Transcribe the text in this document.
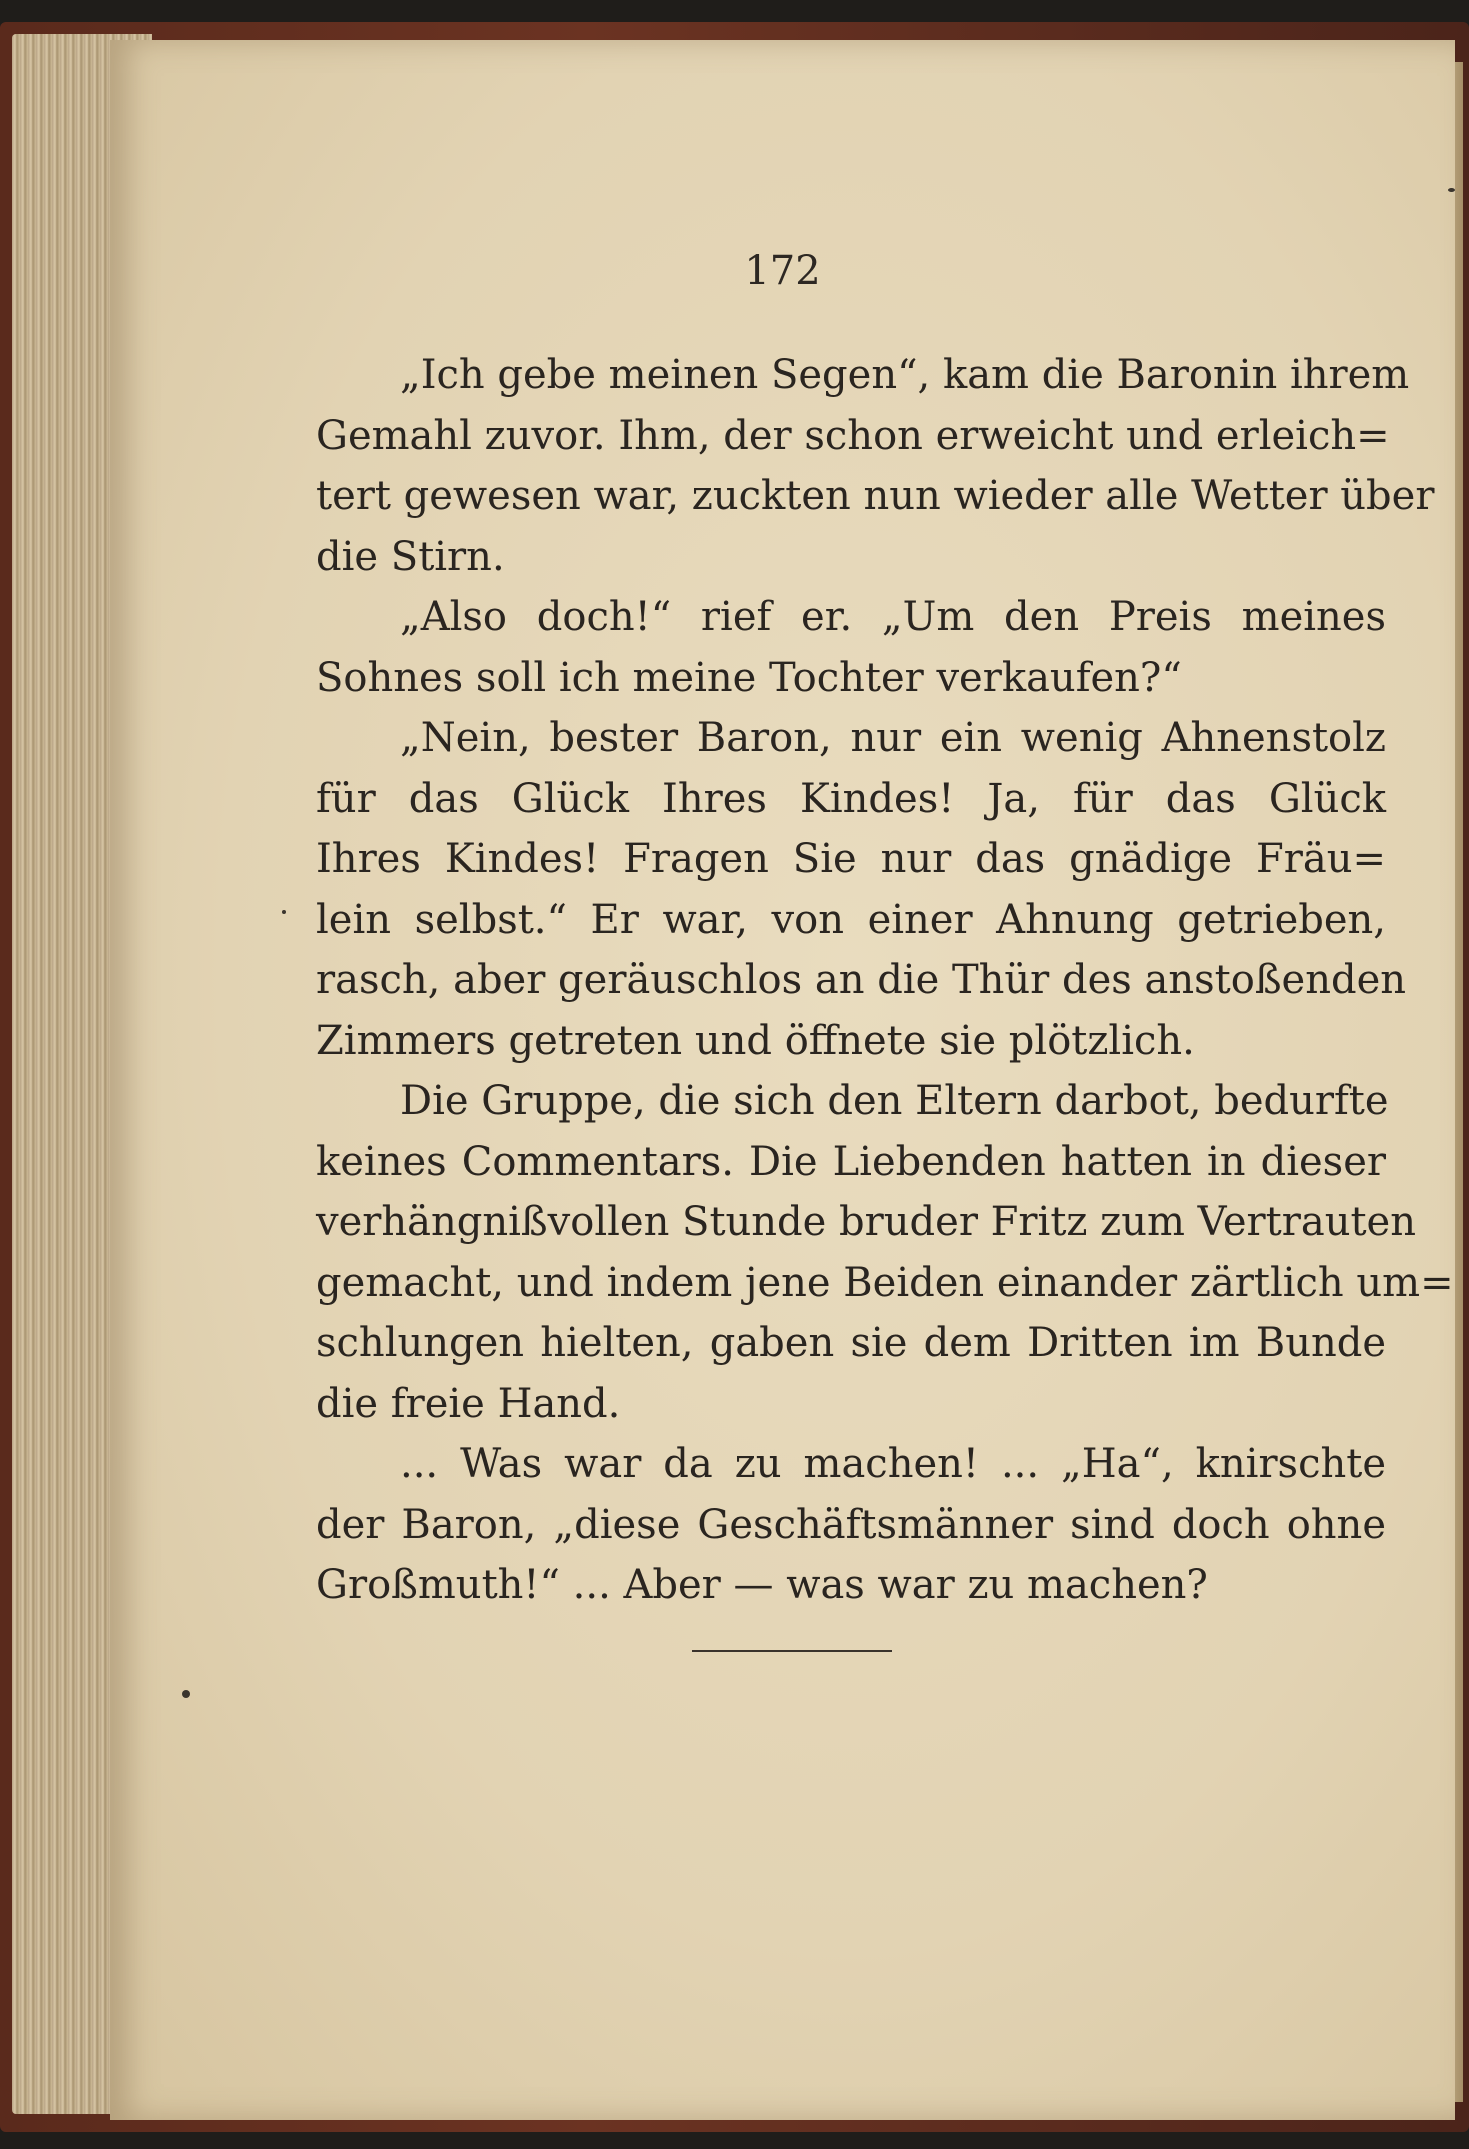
172
„Ich gebe meinen Segen“, kam die Baronin ihrem
Gemahl zuvor. Ihm, der schon erweicht und erleich=
tert gewesen war, zuckten nun wieder alle Wetter über
die Stirn.
„Also doch!“ rief er. „Um den Preis meines
Sohnes soll ich meine Tochter verkaufen?“
„Nein, bester Baron, nur ein wenig Ahnenstolz
für das Glück Ihres Kindes! Ja, für das Glück
Ihres Kindes! Fragen Sie nur das gnädige Fräu=
lein selbst.“ Er war, von einer Ahnung getrieben,
rasch, aber geräuschlos an die Thür des anstoßenden
Zimmers getreten und öffnete sie plötzlich.
Die Gruppe, die sich den Eltern darbot, bedurfte
keines Commentars. Die Liebenden hatten in dieser
verhängnißvollen Stunde bruder Fritz zum Vertrauten
gemacht, und indem jene Beiden einander zärtlich um=
schlungen hielten, gaben sie dem Dritten im Bunde
die freie Hand.
... Was war da zu machen! ... „Ha“, knirschte
der Baron, „diese Geschäftsmänner sind doch ohne
Großmuth!“ ... Aber — was war zu machen?
